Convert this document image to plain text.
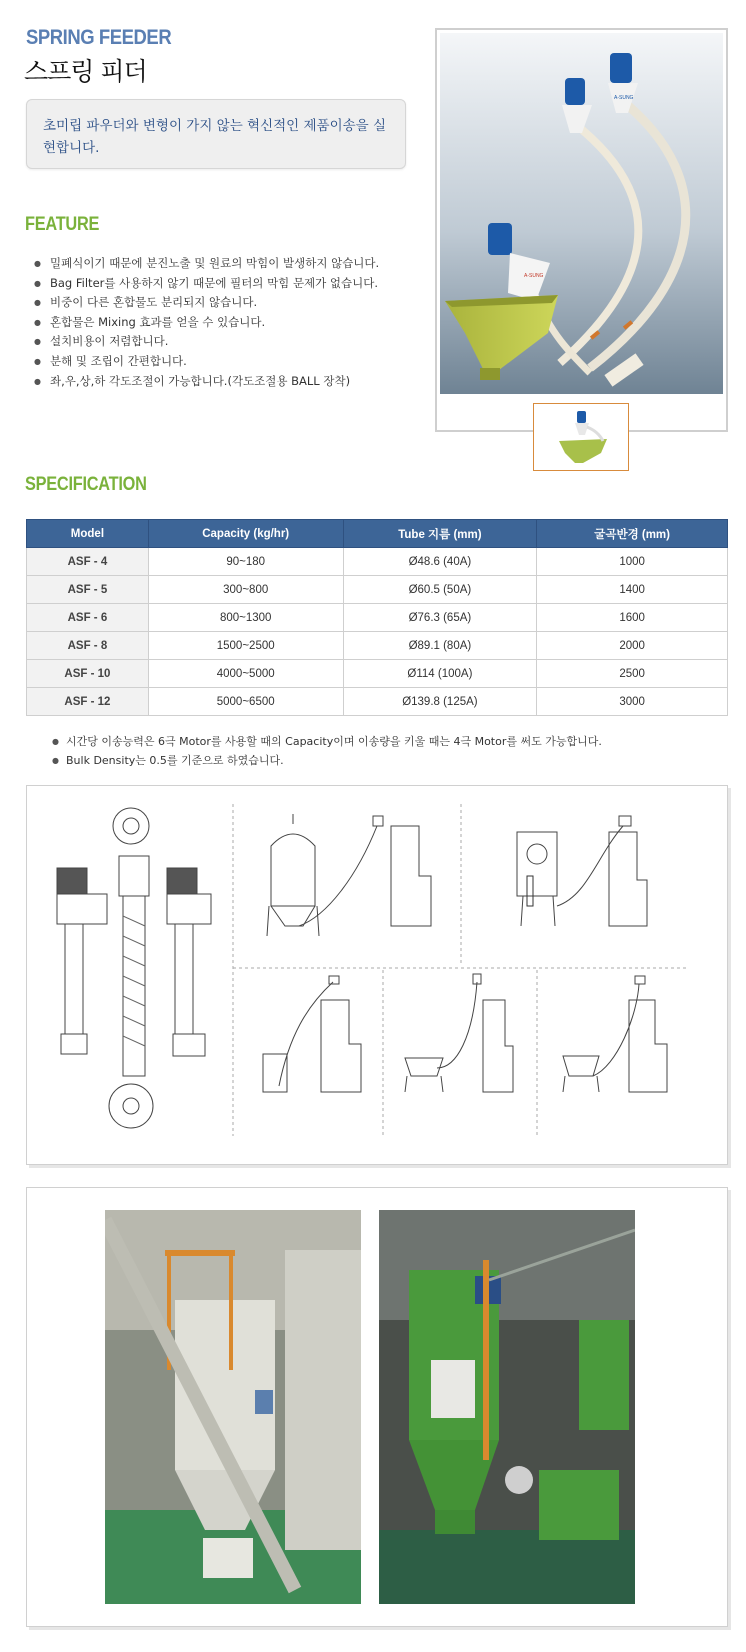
SPRING FEEDER
스프링 피더
초미립 파우더와 변형이 가지 않는 혁신적인 제품이송을 실현합니다.
FEATURE
● 밀폐식이기 때문에 분진노출 및 원료의 막힘이 발생하지 않습니다.
● Bag Filter를 사용하지 않기 때문에 필터의 막힘 문제가 없습니다.
● 비중이 다른 혼합물도 분리되지 않습니다.
● 혼합물은 Mixing 효과를 얻을 수 있습니다.
● 설치비용이 저렴합니다.
● 분해 및 조립이 간편합니다.
● 좌,우,상,하 각도조절이 가능합니다.(각도조절용 BALL 장착)
A-SUNG
A-SUNG
SPECIFICATION
Model	Capacity (kg/hr)	Tube 지름 (mm)	굴곡반경 (mm)
ASF - 4	90~180	Ø48.6 (40A)	1000
ASF - 5	300~800	Ø60.5 (50A)	1400
ASF - 6	800~1300	Ø76.3 (65A)	1600
ASF - 8	1500~2500	Ø89.1 (80A)	2000
ASF - 10	4000~5000	Ø114 (100A)	2500
ASF - 12	5000~6500	Ø139.8 (125A)	3000
● 시간당 이송능력은 6극 Motor를 사용할 때의 Capacity이며 이송량을 키울 때는 4극 Motor를 써도 가능합니다.
● Bulk Density는 0.5를 기준으로 하였습니다.
